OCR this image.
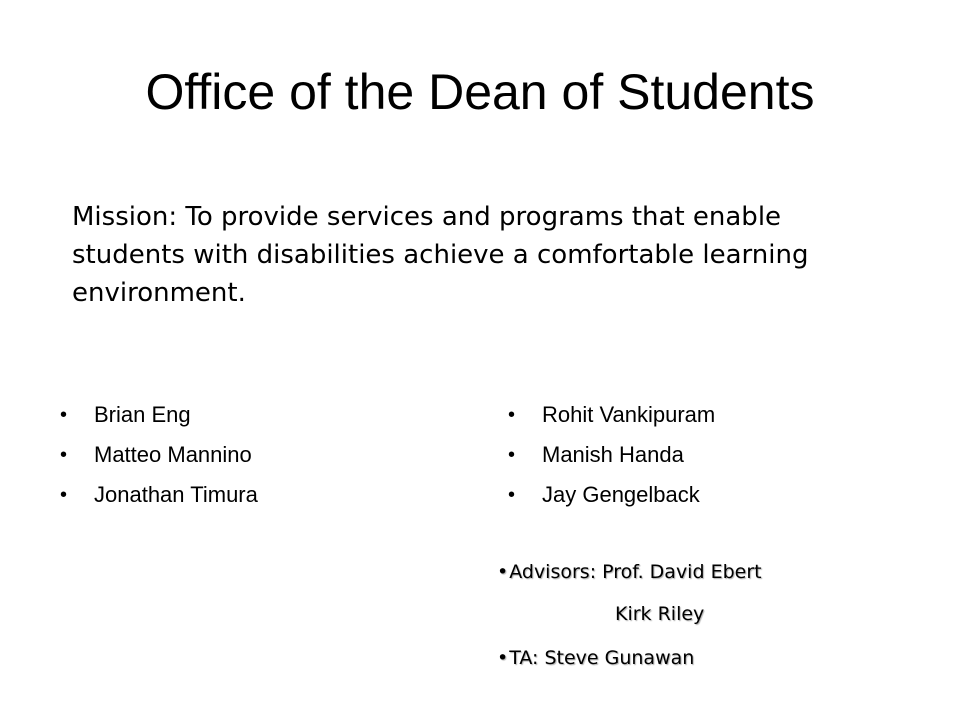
Office of the Dean of Students
Mission: To provide services and programs that enable students with disabilities achieve a comfortable learning environment.
• Brian Eng
• Matteo Mannino
• Jonathan Timura
• Rohit Vankipuram
• Manish Handa
• Jay Gengelback
•Advisors: Prof. David Ebert
Kirk Riley
•TA: Steve Gunawan
